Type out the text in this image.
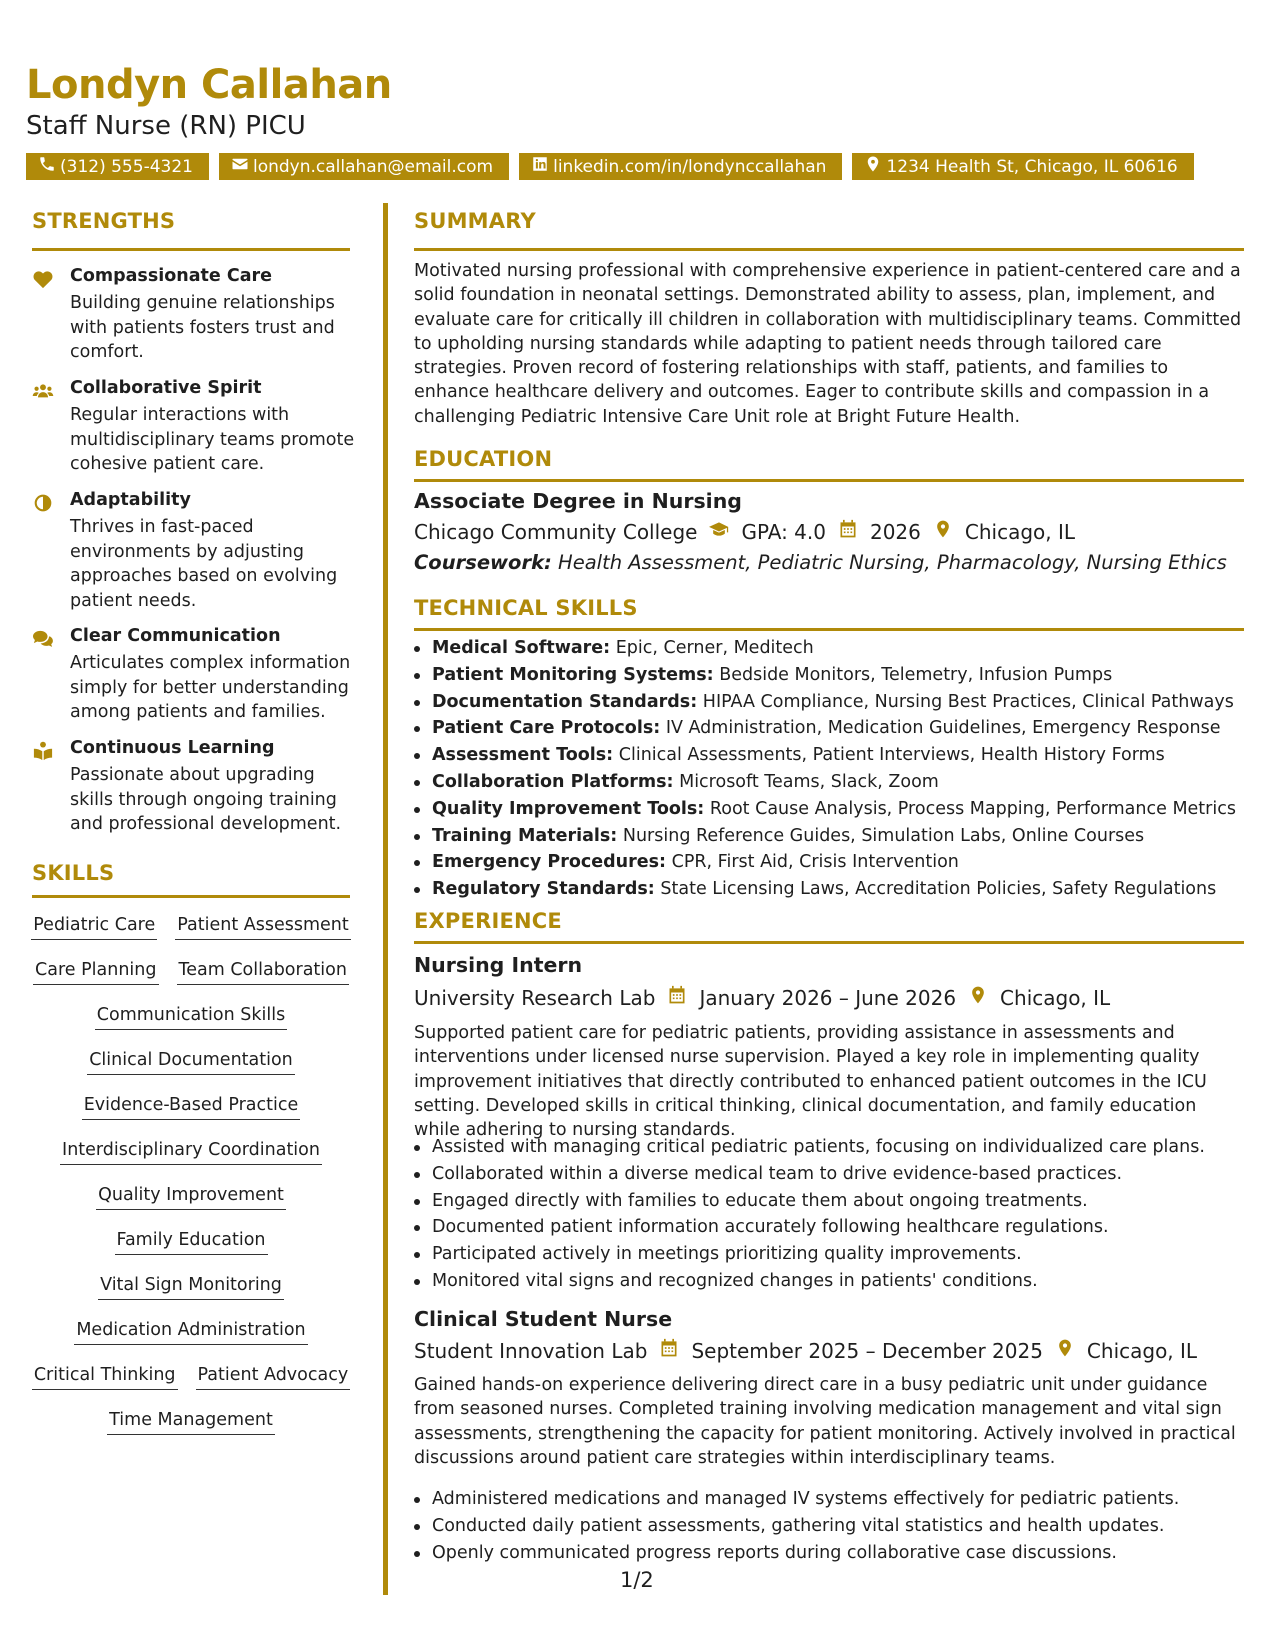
Londyn Callahan
Staff Nurse (RN) PICU
(312) 555-4321	londyn.callahan@email.com	linkedin.com/in/londynccallahan	1234 Health St, Chicago, IL 60616
STRENGTHS
Compassionate Care
Building genuine relationships with patients fosters trust and comfort.
Collaborative Spirit
Regular interactions with multidisciplinary teams promote cohesive patient care.
Adaptability
Thrives in fast-paced environments by adjusting approaches based on evolving patient needs.
Clear Communication
Articulates complex information simply for better understanding among patients and families.
Continuous Learning
Passionate about upgrading skills through ongoing training and professional development.
SKILLS
Pediatric Care Patient Assessment
Care Planning Team Collaboration
Communication Skills
Clinical Documentation
Evidence-Based Practice
Interdisciplinary Coordination
Quality Improvement
Family Education
Vital Sign Monitoring
Medication Administration
Critical Thinking Patient Advocacy
Time Management
SUMMARY
Motivated nursing professional with comprehensive experience in patient-centered care and a solid foundation in neonatal settings. Demonstrated ability to assess, plan, implement, and evaluate care for critically ill children in collaboration with multidisciplinary teams. Committed to upholding nursing standards while adapting to patient needs through tailored care strategies. Proven record of fostering relationships with staff, patients, and families to enhance healthcare delivery and outcomes. Eager to contribute skills and compassion in a challenging Pediatric Intensive Care Unit role at Bright Future Health.
EDUCATION
Associate Degree in Nursing
Chicago Community College GPA: 4.0 2026 Chicago, IL
Coursework: Health Assessment, Pediatric Nursing, Pharmacology, Nursing Ethics
TECHNICAL SKILLS
Medical Software: Epic, Cerner, Meditech
Patient Monitoring Systems: Bedside Monitors, Telemetry, Infusion Pumps
Documentation Standards: HIPAA Compliance, Nursing Best Practices, Clinical Pathways
Patient Care Protocols: IV Administration, Medication Guidelines, Emergency Response
Assessment Tools: Clinical Assessments, Patient Interviews, Health History Forms
Collaboration Platforms: Microsoft Teams, Slack, Zoom
Quality Improvement Tools: Root Cause Analysis, Process Mapping, Performance Metrics
Training Materials: Nursing Reference Guides, Simulation Labs, Online Courses
Emergency Procedures: CPR, First Aid, Crisis Intervention
Regulatory Standards: State Licensing Laws, Accreditation Policies, Safety Regulations
EXPERIENCE
Nursing Intern
University Research Lab January 2026 – June 2026 Chicago, IL
Supported patient care for pediatric patients, providing assistance in assessments and interventions under licensed nurse supervision. Played a key role in implementing quality improvement initiatives that directly contributed to enhanced patient outcomes in the ICU setting. Developed skills in critical thinking, clinical documentation, and family education while adhering to nursing standards.
Assisted with managing critical pediatric patients, focusing on individualized care plans.
Collaborated within a diverse medical team to drive evidence-based practices.
Engaged directly with families to educate them about ongoing treatments.
Documented patient information accurately following healthcare regulations.
Participated actively in meetings prioritizing quality improvements.
Monitored vital signs and recognized changes in patients' conditions.
Clinical Student Nurse
Student Innovation Lab September 2025 – December 2025 Chicago, IL
Gained hands-on experience delivering direct care in a busy pediatric unit under guidance from seasoned nurses. Completed training involving medication management and vital sign assessments, strengthening the capacity for patient monitoring. Actively involved in practical discussions around patient care strategies within interdisciplinary teams.
Administered medications and managed IV systems effectively for pediatric patients.
Conducted daily patient assessments, gathering vital statistics and health updates.
Openly communicated progress reports during collaborative case discussions.
1/2
